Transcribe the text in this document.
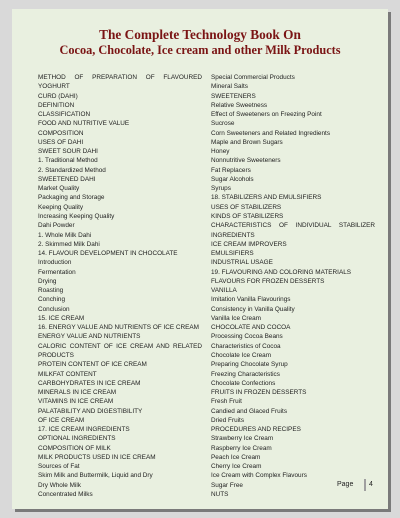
The Complete Technology Book On
Cocoa, Chocolate, Ice cream and other Milk Products
METHOD OF PREPARATION OF FLAVOURED
YOGHURT
CURD (DAHI)
DEFINITION
CLASSIFICATION
FOOD AND NUTRITIVE VALUE
COMPOSITION
USES OF DAHI
SWEET SOUR DAHI
1. Traditional Method
2. Standardized Method
SWEETENED DAHI
Market Quality
Packaging and Storage
Keeping Quality
Increasing Keeping Quality
Dahi Powder
1. Whole Milk Dahi
2. Skimmed Milk Dahi
14. FLAVOUR DEVELOPMENT IN CHOCOLATE
Introduction
Fermentation
Drying
Roasting
Conching
Conclusion
15. ICE CREAM
16. ENERGY VALUE AND NUTRIENTS OF ICE CREAM
ENERGY VALUE AND NUTRIENTS
CALORIC CONTENT OF ICE CREAM AND RELATED
PRODUCTS
PROTEIN CONTENT OF ICE CREAM
MILKFAT CONTENT
CARBOHYDRATES IN ICE CREAM
MINERALS IN ICE CREAM
VITAMINS IN ICE CREAM
PALATABILITY AND DIGESTIBILITY
OF ICE CREAM
17. ICE CREAM INGREDIENTS
OPTIONAL INGREDIENTS
COMPOSITION OF MILK
MILK PRODUCTS USED IN ICE CREAM
Sources of Fat
Skim Milk and Buttermilk, Liquid and Dry
Dry Whole Milk
Concentrated Milks
Special Commercial Products
Mineral Salts
SWEETENERS
Relative Sweetness
Effect of Sweeteners on Freezing Point
Sucrose
Corn Sweeteners and Related Ingredients
Maple and Brown Sugars
Honey
Nonnutritive Sweeteners
Fat Replacers
Sugar Alcohols
Syrups
18. STABILIZERS AND EMULSIFIERS
USES OF STABILIZERS
KINDS OF STABILIZERS
CHARACTERISTICS OF INDIVIDUAL STABILIZER
INGREDIENTS
ICE CREAM IMPROVERS
EMULSIFIERS
INDUSTRIAL USAGE
19. FLAVOURING AND COLORING MATERIALS
FLAVOURS FOR FROZEN DESSERTS
VANILLA
Imitation Vanilla Flavourings
Consistency in Vanilla Quality
Vanilla Ice Cream
CHOCOLATE AND COCOA
Processing Cocoa Beans
Characteristics of Cocoa
Chocolate Ice Cream
Preparing Chocolate Syrup
Freezing Characteristics
Chocolate Confections
FRUITS IN FROZEN DESSERTS
Fresh Fruit
Candied and Glaced Fruits
Dried Fruits
PROCEDURES AND RECIPES
Strawberry Ice Cream
Raspberry Ice Cream
Peach Ice Cream
Cherry Ice Cream
Ice Cream with Complex Flavours
Sugar Free
NUTS
Page 4
